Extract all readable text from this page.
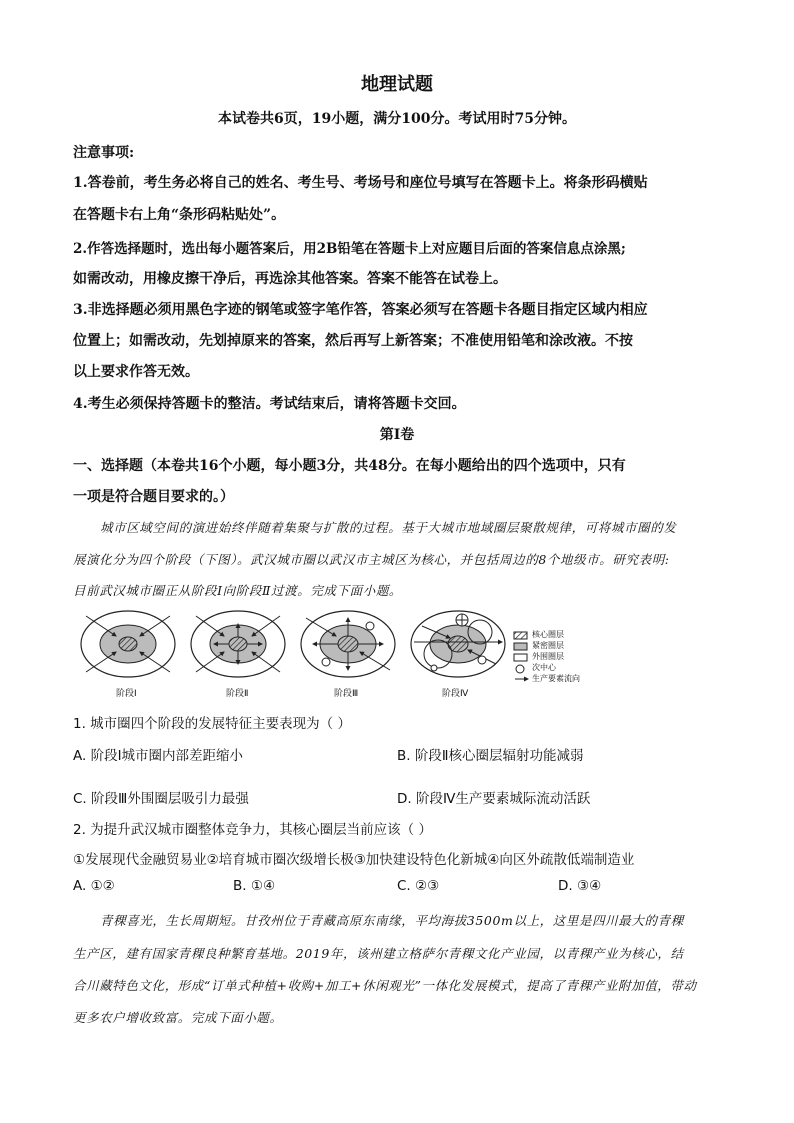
地理试题
本试卷共6页，19小题，满分100分。考试用时75分钟。
注意事项:
1.答卷前，考生务必将自己的姓名、考生号、考场号和座位号填写在答题卡上。将条形码横贴
在答题卡右上角“条形码粘贴处”。
2.作答选择题时，选出每小题答案后，用2B铅笔在答题卡上对应题目后面的答案信息点涂黑;
如需改动，用橡皮擦干净后，再选涂其他答案。答案不能答在试卷上。
3.非选择题必须用黑色字迹的钢笔或签字笔作答，答案必须写在答题卡各题目指定区域内相应
位置上；如需改动，先划掉原来的答案，然后再写上新答案；不准使用铅笔和涂改液。不按
以上要求作答无效。
4.考生必须保持答题卡的整洁。考试结束后，请将答题卡交回。
第I卷
一、选择题（本卷共16个小题，每小题3分，共48分。在每小题给出的四个选项中，只有
一项是符合题目要求的。）
城市区域空间的演进始终伴随着集聚与扩散的过程。基于大城市地域圈层聚散规律，可将城市圈的发
展演化分为四个阶段（下图）。武汉城市圈以武汉市主城区为核心，并包括周边的8个地级市。研究表明:
目前武汉城市圈正从阶段Ⅰ向阶段Ⅱ过渡。完成下面小题。
核心圈层
紧密圈层
外围圈层
次中心
生产要素流向
阶段Ⅰ	阶段Ⅱ	阶段Ⅲ	阶段Ⅳ
1. 城市圈四个阶段的发展特征主要表现为（ ）
A. 阶段Ⅰ城市圈内部差距缩小	B. 阶段Ⅱ核心圈层辐射功能减弱
C. 阶段Ⅲ外围圈层吸引力最强	D. 阶段Ⅳ生产要素城际流动活跃
2. 为提升武汉城市圈整体竞争力，其核心圈层当前应该（ ）
①发展现代金融贸易业②培育城市圈次级增长极③加快建设特色化新城④向区外疏散低端制造业
A. ①②	B. ①④	C. ②③	D. ③④
青稞喜光，生长周期短。甘孜州位于青藏高原东南缘，平均海拔3500m以上，这里是四川最大的青稞
生产区，建有国家青稞良种繁育基地。2019年，该州建立格萨尔青稞文化产业园，以青稞产业为核心，结
合川藏特色文化，形成“订单式种植+收购+加工+休闲观光”一体化发展模式，提高了青稞产业附加值，带动
更多农户增收致富。完成下面小题。
